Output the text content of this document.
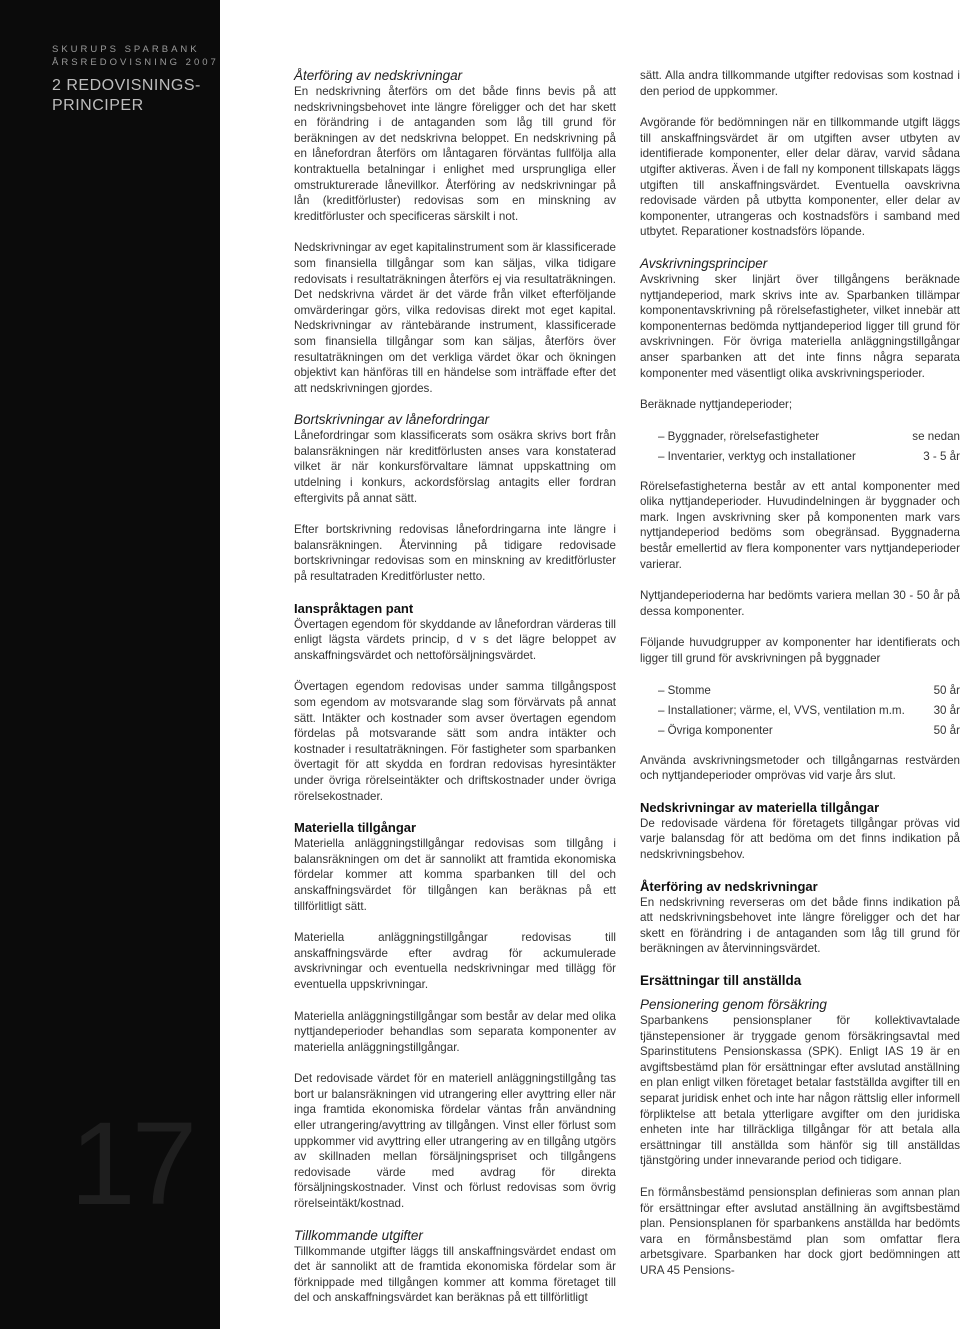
SKURUPS SPARBANK
ÅRSREDOVISNING 2007
2 REDOVISNINGS-
PRINCIPER
17
Återföring av nedskrivningar

En nedskrivning återförs om det både finns bevis på att nedskrivningsbehovet inte längre föreligger och det har skett en förändring i de antaganden som låg till grund för beräkningen av det nedskrivna beloppet. En nedskrivning på en lånefordran återförs om låntagaren förväntas fullfölja alla kontraktuella betalningar i enlighet med ursprungliga eller omstrukturerade lånevillkor. Återföring av nedskrivningar på lån (kreditförluster) redovisas som en minskning av kreditförluster och specificeras särskilt i not.

Nedskrivningar av eget kapitalinstrument som är klassificerade som finansiella tillgångar som kan säljas, vilka tidigare redovisats i resultaträkningen återförs ej via resultaträkningen. Det nedskrivna värdet är det värde från vilket efterföljande omvärderingar görs, vilka redovisas direkt mot eget kapital. Nedskrivningar av räntebärande instrument, klassificerade som finansiella tillgångar som kan säljas, återförs över resultaträkningen om det verkliga värdet ökar och ökningen objektivt kan hänföras till en händelse som inträffade efter det att nedskrivningen gjordes.

Bortskrivningar av lånefordringar

Lånefordringar som klassificerats som osäkra skrivs bort från balansräkningen när kreditförlusten anses vara konstaterad vilket är när konkursförvaltare lämnat uppskattning om utdelning i konkurs, ackordsförslag antagits eller fordran eftergivits på annat sätt.

Efter bortskrivning redovisas lånefordringarna inte längre i balansräkningen. Återvinning på tidigare redovisade bortskrivningar redovisas som en minskning av kreditförluster på resultatraden Kreditförluster netto.

Ianspråktagen pant

Övertagen egendom för skyddande av lånefordran värderas till enligt lägsta värdets princip, d v s det lägre beloppet av anskaffningsvärdet och nettoförsäljningsvärdet.

Övertagen egendom redovisas under samma tillgångspost som egendom av motsvarande slag som förvärvats på annat sätt. Intäkter och kostnader som avser övertagen egendom fördelas på motsvarande sätt som andra intäkter och kostnader i resultaträkningen. För fastigheter som sparbanken övertagit för att skydda en fordran redovisas hyresintäkter under övriga rörelseintäkter och driftskostnader under övriga rörelsekostnader.

Materiella tillgångar

Materiella anläggningstillgångar redovisas som tillgång i balansräkningen om det är sannolikt att framtida ekonomiska fördelar kommer att komma sparbanken till del och anskaffningsvärdet för tillgången kan beräknas på ett tillförlitligt sätt.

Materiella anläggningstillgångar redovisas till anskaffningsvärde efter avdrag för ackumulerade avskrivningar och eventuella nedskrivningar med tillägg för eventuella uppskrivningar.

Materiella anläggningstillgångar som består av delar med olika nyttjandeperioder behandlas som separata komponenter av materiella anläggningstillgångar.

Det redovisade värdet för en materiell anläggningstillgång tas bort ur balansräkningen vid utrangering eller avyttring eller när inga framtida ekonomiska fördelar väntas från användning eller utrangering/avyttring av tillgången. Vinst eller förlust som uppkommer vid avyttring eller utrangering av en tillgång utgörs av skillnaden mellan försäljningspriset och tillgångens redovisade värde med avdrag för direkta försäljningskostnader. Vinst och förlust redovisas som övrig rörelseintäkt/kostnad.

Tillkommande utgifter

Tillkommande utgifter läggs till anskaffningsvärdet endast om det är sannolikt att de framtida ekonomiska fördelar som är förknippade med tillgången kommer att komma företaget till del och anskaffningsvärdet kan beräknas på ett tillförlitligt

sätt. Alla andra tillkommande utgifter redovisas som kostnad i den period de uppkommer.

Avgörande för bedömningen när en tillkommande utgift läggs till anskaffningsvärdet är om utgiften avser utbyten av identifierade komponenter, eller delar därav, varvid sådana utgifter aktiveras. Även i de fall ny komponent tillskapats läggs utgiften till anskaffningsvärdet. Eventuella oavskrivna redovisade värden på utbytta komponenter, eller delar av komponenter, utrangeras och kostnadsförs i samband med utbytet. Reparationer kostnadsförs löpande.

Avskrivningsprinciper

Avskrivning sker linjärt över tillgångens beräknade nyttjandeperiod, mark skrivs inte av. Sparbanken tillämpar komponentavskrivning på rörelsefastigheter, vilket innebär att komponenternas bedömda nyttjandeperiod ligger till grund för avskrivningen. För övriga materiella anläggningstillgångar anser sparbanken att det inte finns några separata komponenter med väsentligt olika avskrivningsperioder.

Beräknade nyttjandeperioder;

– Byggnader, rörelsefastigheter	se nedan
– Inventarier, verktyg och installationer	3 - 5 år

Rörelsefastigheterna består av ett antal komponenter med olika nyttjandeperioder. Huvudindelningen är byggnader och mark. Ingen avskrivning sker på komponenten mark vars nyttjandeperiod bedöms som obegränsad. Byggnaderna består emellertid av flera komponenter vars nyttjandeperioder varierar.

Nyttjandeperioderna har bedömts variera mellan 30 - 50 år på dessa komponenter.

Följande huvudgrupper av komponenter har identifierats och ligger till grund för avskrivningen på byggnader

– Stomme	50 år
– Installationer; värme, el, VVS, ventilation m.m. 30 år
– Övriga komponenter	50 år

Använda avskrivningsmetoder och tillgångarnas restvärden och nyttjandeperioder omprövas vid varje års slut.

Nedskrivningar av materiella tillgångar

De redovisade värdena för företagets tillgångar prövas vid varje balansdag för att bedöma om det finns indikation på nedskrivningsbehov.

Återföring av nedskrivningar

En nedskrivning reverseras om det både finns indikation på att nedskrivningsbehovet inte längre föreligger och det har skett en förändring i de antaganden som låg till grund för beräkningen av återvinningsvärdet.

Ersättningar till anställda
Pensionering genom försäkring

Sparbankens pensionsplaner för kollektivavtalade tjänstepensioner är tryggade genom försäkringsavtal med Sparinstitutens Pensionskassa (SPK). Enligt IAS 19 är en avgiftsbestämd plan för ersättningar efter avslutad anställning en plan enligt vilken företaget betalar fastställda avgifter till en separat juridisk enhet och inte har någon rättslig eller informell förpliktelse att betala ytterligare avgifter om den juridiska enheten inte har tillräckliga tillgångar för att betala alla ersättningar till anställda som hänför sig till anställdas tjänstgöring under innevarande period och tidigare.

En förmånsbestämd pensionsplan definieras som annan plan för ersättningar efter avslutad anställning än avgiftsbestämd plan. Pensionsplanen för sparbankens anställda har bedömts vara en förmånsbestämd plan som omfattar flera arbetsgivare. Sparbanken har dock gjort bedömningen att URA 45 Pensions-
